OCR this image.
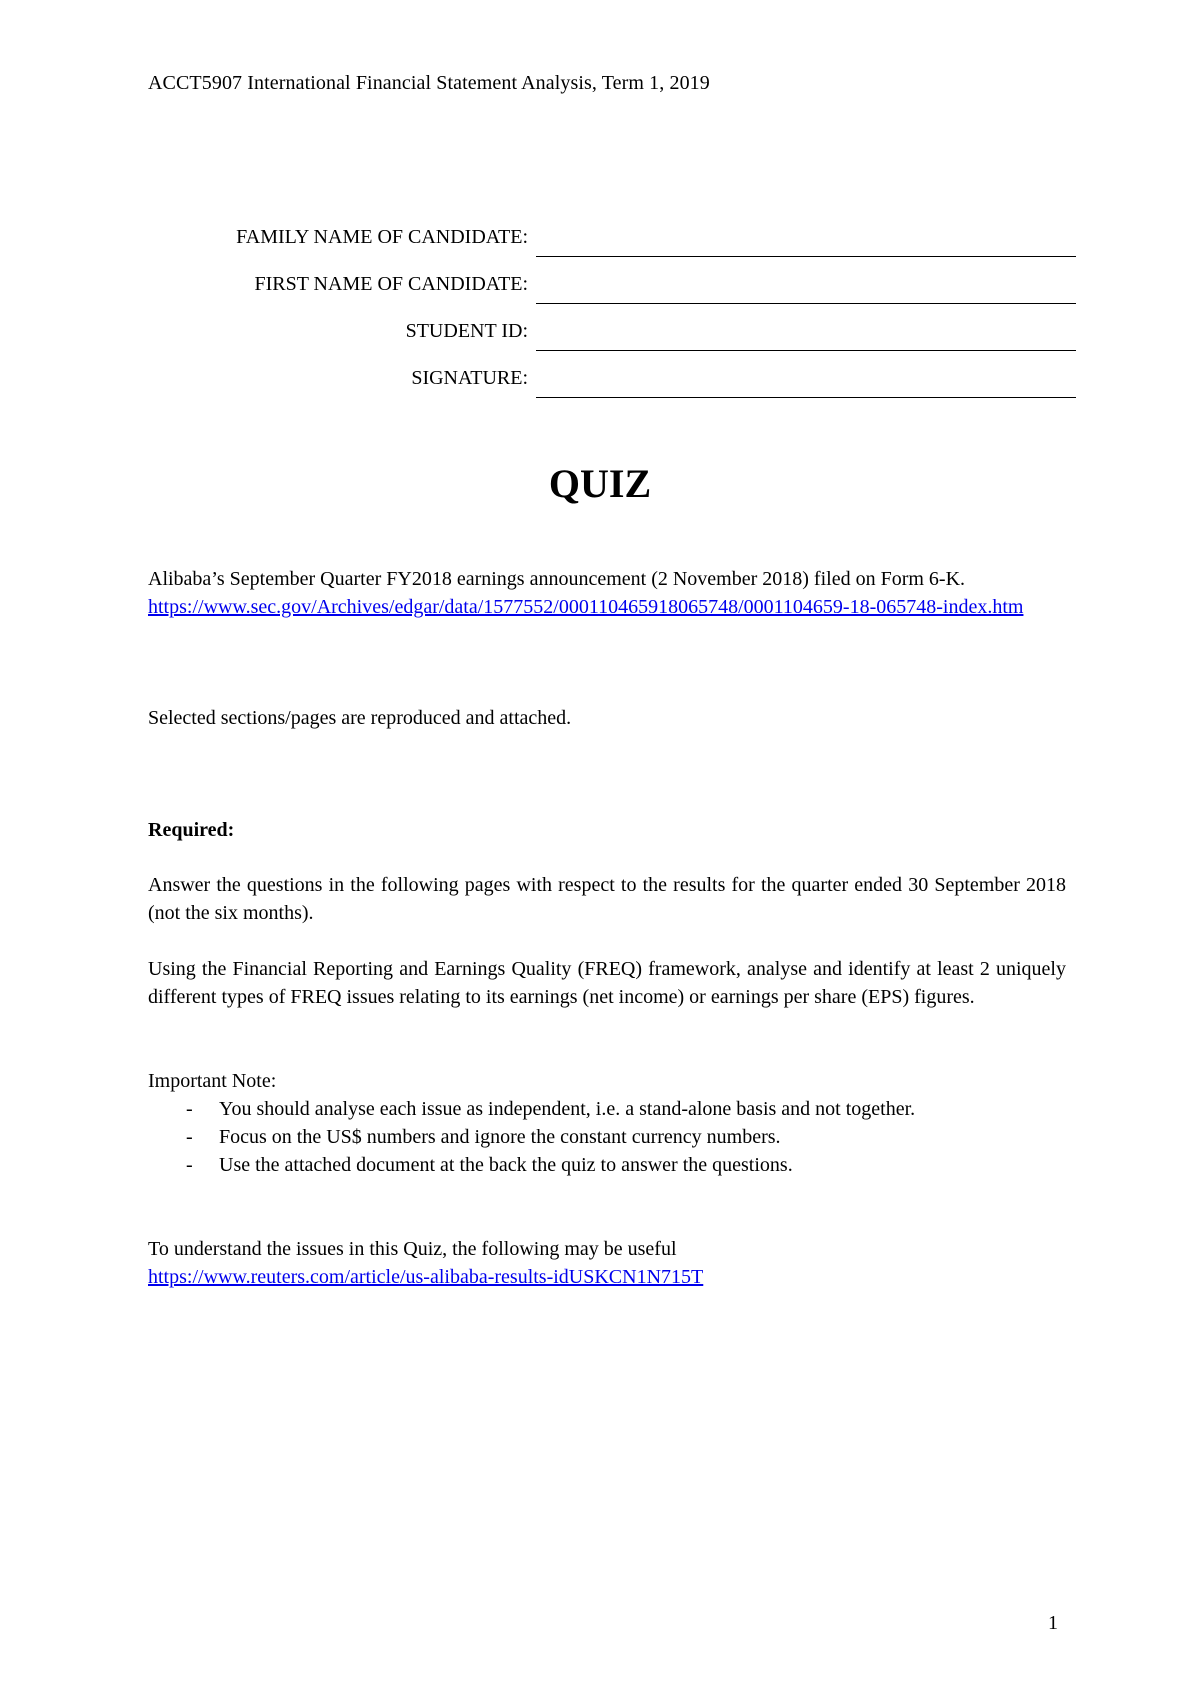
ACCT5907 International Financial Statement Analysis, Term 1, 2019
FAMILY NAME OF CANDIDATE:
FIRST NAME OF CANDIDATE:
STUDENT ID:
SIGNATURE:
QUIZ
Alibaba’s September Quarter FY2018 earnings announcement (2 November 2018) filed on Form 6-K.
https://www.sec.gov/Archives/edgar/data/1577552/000110465918065748/0001104659-18-065748-index.htm
Selected sections/pages are reproduced and attached.
Required:
Answer the questions in the following pages with respect to the results for the quarter ended 30 September 2018 (not the six months).
Using the Financial Reporting and Earnings Quality (FREQ) framework, analyse and identify at least 2 uniquely different types of FREQ issues relating to its earnings (net income) or earnings per share (EPS) figures.
Important Note:
- You should analyse each issue as independent, i.e. a stand-alone basis and not together.
- Focus on the US$ numbers and ignore the constant currency numbers.
- Use the attached document at the back the quiz to answer the questions.
To understand the issues in this Quiz, the following may be useful
https://www.reuters.com/article/us-alibaba-results-idUSKCN1N715T
1
